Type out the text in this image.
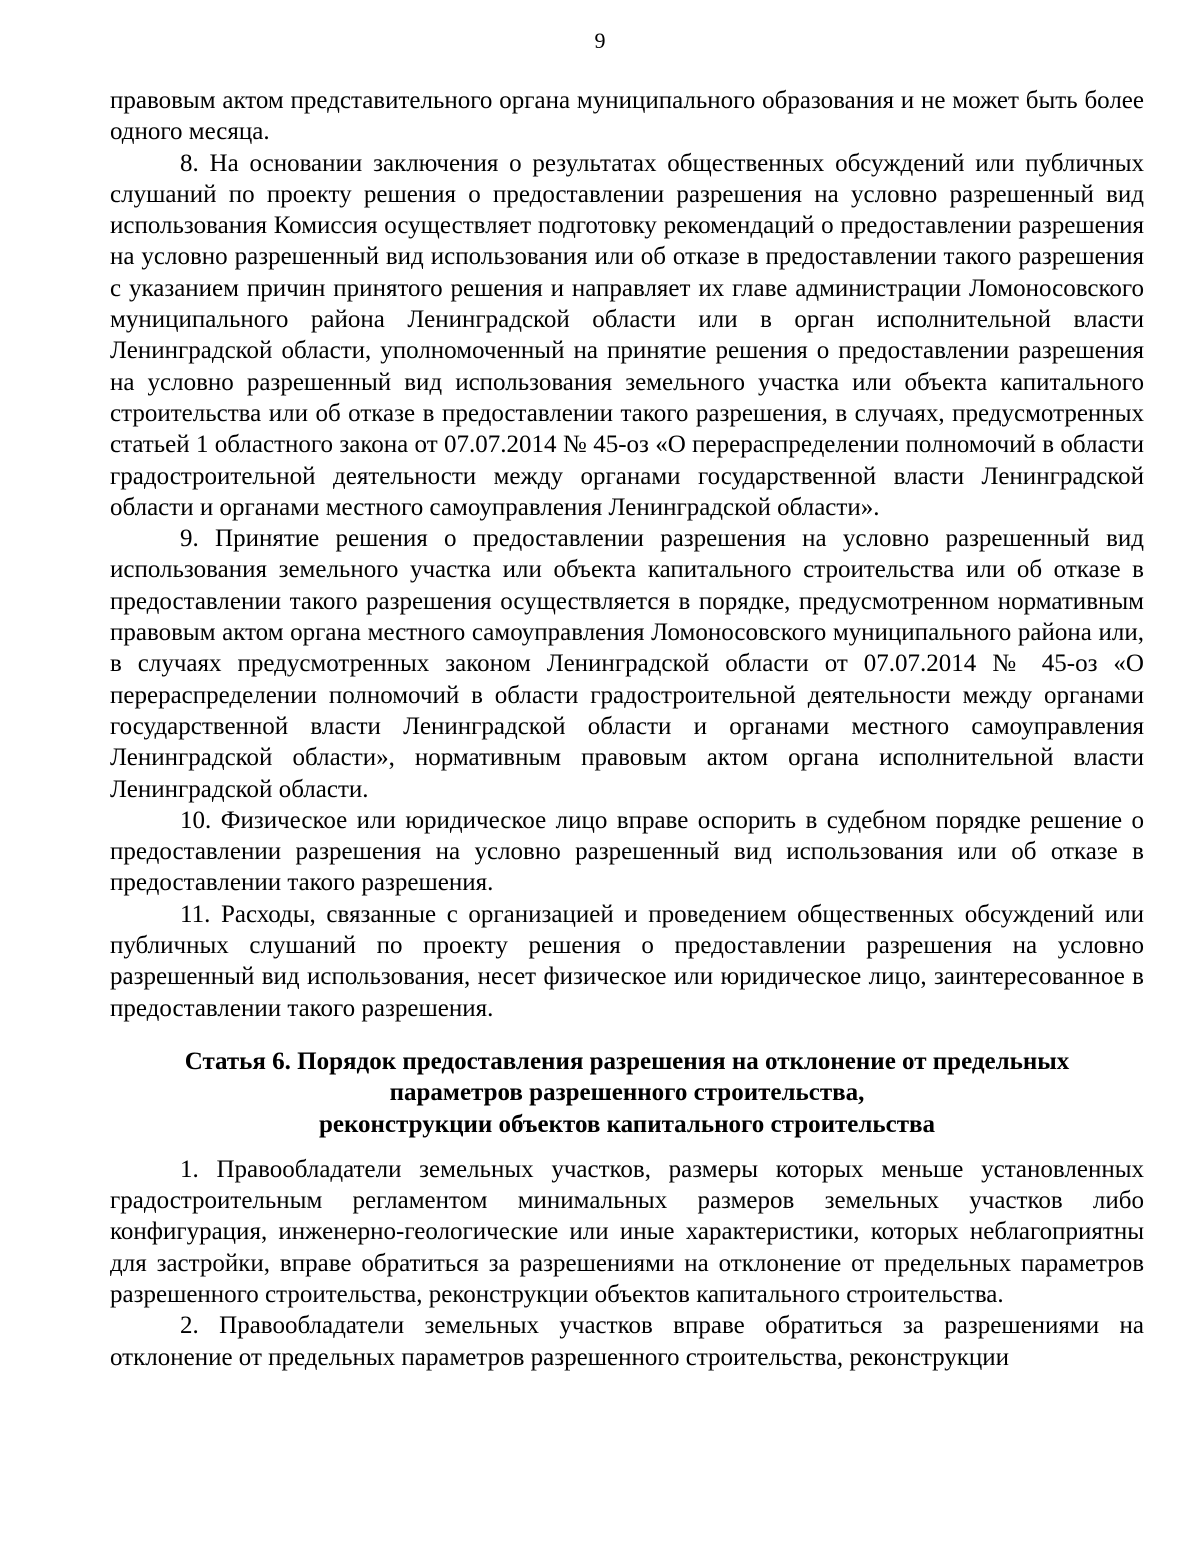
9

правовым актом представительного органа муниципального образования и не может быть более одного месяца.

8. На основании заключения о результатах общественных обсуждений или публичных слушаний по проекту решения о предоставлении разрешения на условно разрешенный вид использования Комиссия осуществляет подготовку рекомендаций о предоставлении разрешения на условно разрешенный вид использования или об отказе в предоставлении такого разрешения с указанием причин принятого решения и направляет их главе администрации Ломоносовского муниципального района Ленинградской области или в орган исполнительной власти Ленинградской области, уполномоченный на принятие решения о предоставлении разрешения на условно разрешенный вид использования земельного участка или объекта капитального строительства или об отказе в предоставлении такого разрешения, в случаях, предусмотренных статьей 1 областного закона от 07.07.2014 № 45-оз «О перераспределении полномочий в области градостроительной деятельности между органами государственной власти Ленинградской области и органами местного самоуправления Ленинградской области».

9. Принятие решения о предоставлении разрешения на условно разрешенный вид использования земельного участка или объекта капитального строительства или об отказе в предоставлении такого разрешения осуществляется в порядке, предусмотренном нормативным правовым актом органа местного самоуправления Ломоносовского муниципального района или, в случаях предусмотренных законом Ленинградской области от 07.07.2014 № 45-оз «О перераспределении полномочий в области градостроительной деятельности между органами государственной власти Ленинградской области и органами местного самоуправления Ленинградской области», нормативным правовым актом органа исполнительной власти Ленинградской области.

10. Физическое или юридическое лицо вправе оспорить в судебном порядке решение о предоставлении разрешения на условно разрешенный вид использования или об отказе в предоставлении такого разрешения.

11. Расходы, связанные с организацией и проведением общественных обсуждений или публичных слушаний по проекту решения о предоставлении разрешения на условно разрешенный вид использования, несет физическое или юридическое лицо, заинтересованное в предоставлении такого разрешения.

Статья 6. Порядок предоставления разрешения на отклонение от предельных
параметров разрешенного строительства,
реконструкции объектов капитального строительства

1. Правообладатели земельных участков, размеры которых меньше установленных градостроительным регламентом минимальных размеров земельных участков либо конфигурация, инженерно-геологические или иные характеристики, которых неблагоприятны для застройки, вправе обратиться за разрешениями на отклонение от предельных параметров разрешенного строительства, реконструкции объектов капитального строительства.

2. Правообладатели земельных участков вправе обратиться за разрешениями на отклонение от предельных параметров разрешенного строительства, реконструкции
